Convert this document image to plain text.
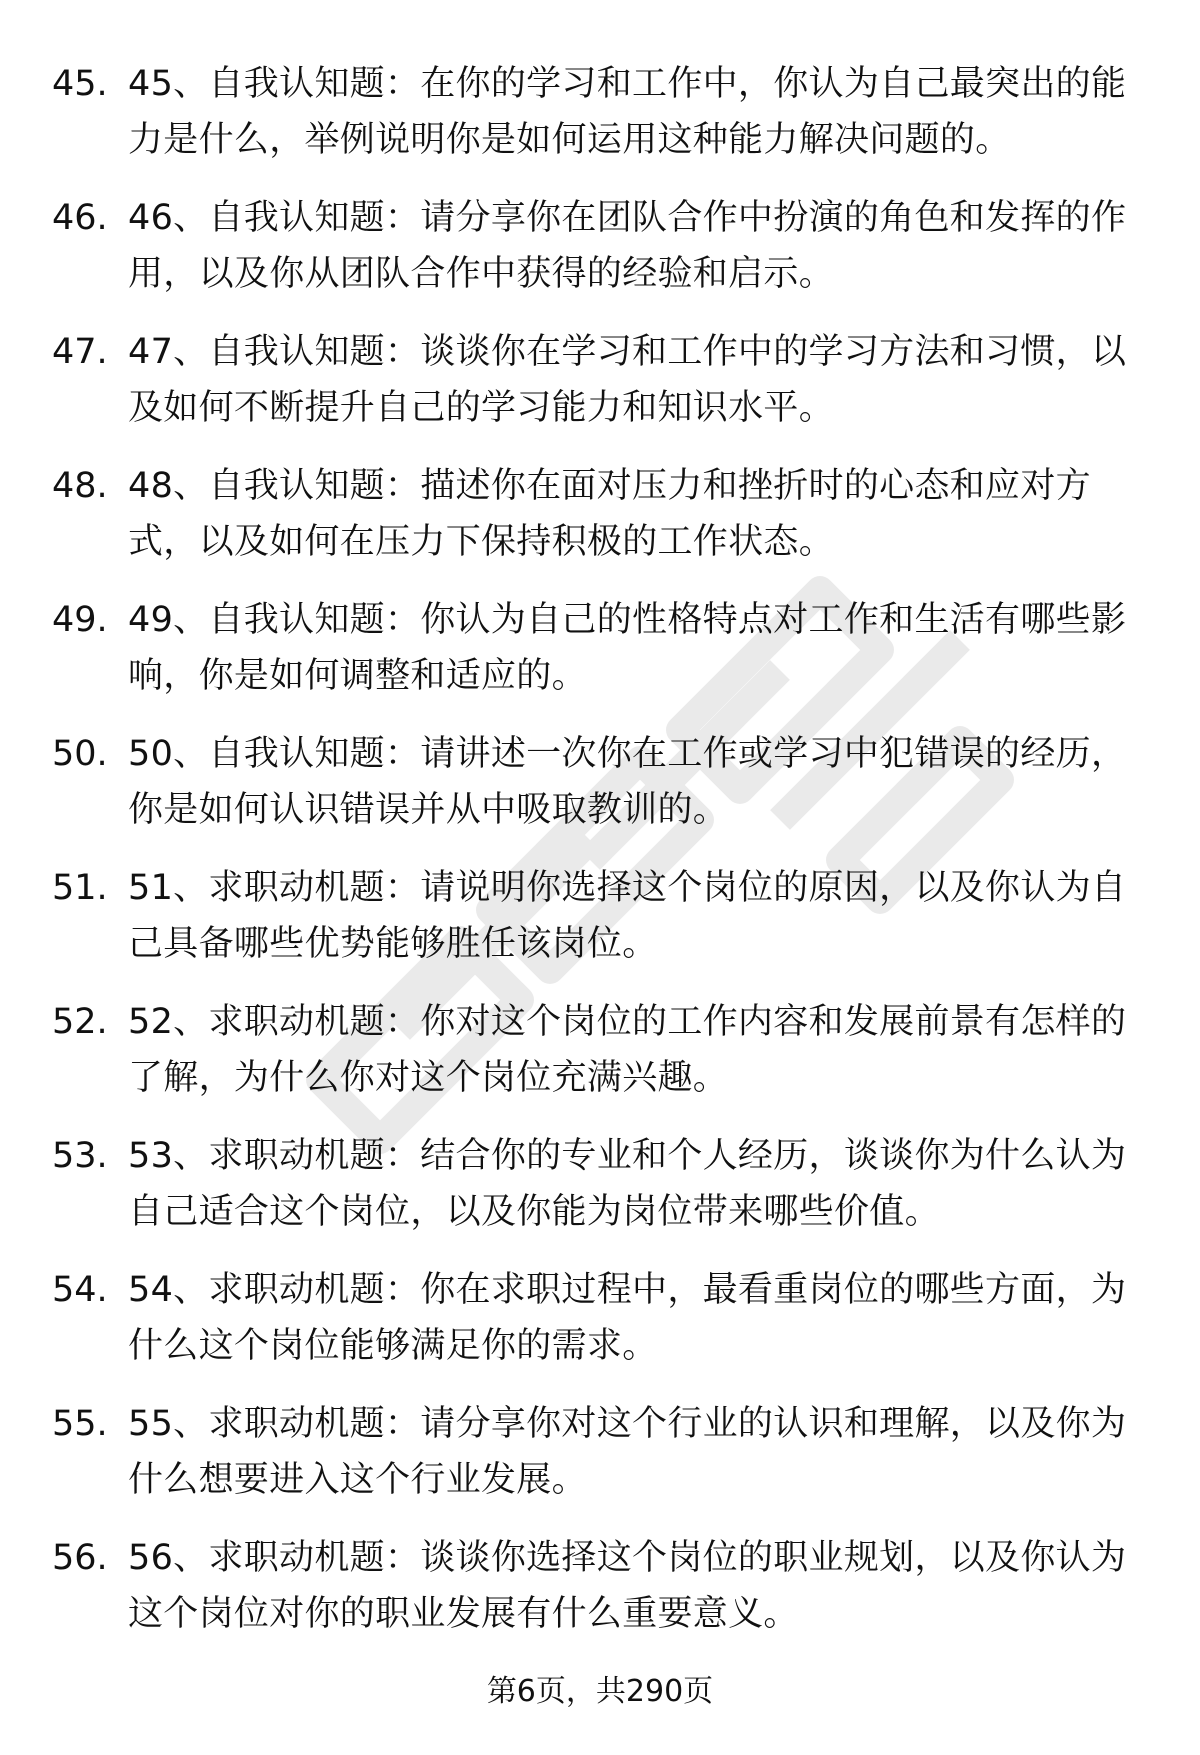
45. 45、自我认知题：在你的学习和工作中，你认为自己最突出的能力是什么，举例说明你是如何运用这种能力解决问题的。
46. 46、自我认知题：请分享你在团队合作中扮演的角色和发挥的作用，以及你从团队合作中获得的经验和启示。
47. 47、自我认知题：谈谈你在学习和工作中的学习方法和习惯，以及如何不断提升自己的学习能力和知识水平。
48. 48、自我认知题：描述你在面对压力和挫折时的心态和应对方式，以及如何在压力下保持积极的工作状态。
49. 49、自我认知题：你认为自己的性格特点对工作和生活有哪些影响，你是如何调整和适应的。
50. 50、自我认知题：请讲述一次你在工作或学习中犯错误的经历，你是如何认识错误并从中吸取教训的。
51. 51、求职动机题：请说明你选择这个岗位的原因，以及你认为自己具备哪些优势能够胜任该岗位。
52. 52、求职动机题：你对这个岗位的工作内容和发展前景有怎样的了解，为什么你对这个岗位充满兴趣。
53. 53、求职动机题：结合你的专业和个人经历，谈谈你为什么认为自己适合这个岗位，以及你能为岗位带来哪些价值。
54. 54、求职动机题：你在求职过程中，最看重岗位的哪些方面，为什么这个岗位能够满足你的需求。
55. 55、求职动机题：请分享你对这个行业的认识和理解，以及你为什么想要进入这个行业发展。
56. 56、求职动机题：谈谈你选择这个岗位的职业规划，以及你认为这个岗位对你的职业发展有什么重要意义。
第6页，共290页
